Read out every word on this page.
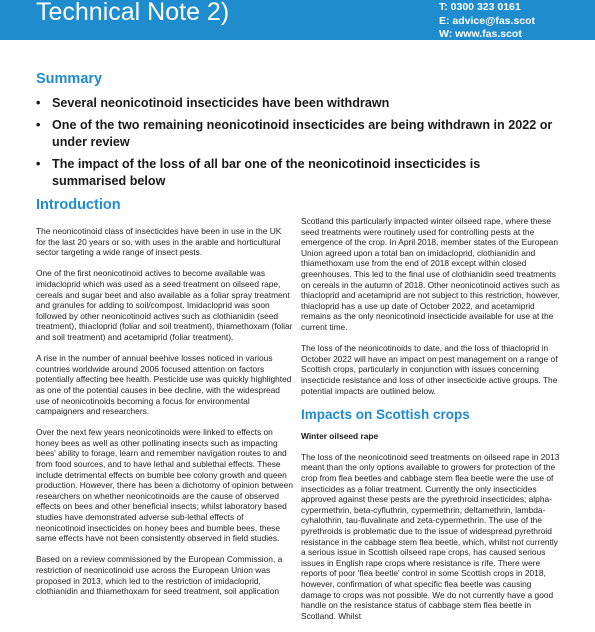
Technical Note 2)	T: 0300 323 0161
E: advice@fas.scot
W: www.fas.scot
Summary
• Several neonicotinoid insecticides have been withdrawn
• One of the two remaining neonicotinoid insecticides are being withdrawn in 2022 or under review
• The impact of the loss of all bar one of the neonicotinoid insecticides is summarised below
Introduction

The neonicotinoid class of insecticides have been in use in the UK for the last 20 years or so, with uses in the arable and horticultural sector targeting a wide range of insect pests.

One of the first neonicotinoid actives to become available was imidacloprid which was used as a seed treatment on oilseed rape, cereals and sugar beet and also available as a foliar spray treatment and granules for adding to soil/compost. Imidacloprid was soon followed by other neonicotinoid actives such as clothianidin (seed treatment), thiacloprid (foliar and soil treatment), thiamethoxam (foliar and soil treatment) and acetamiprid (foliar treatment).

A rise in the number of annual beehive losses noticed in various countries worldwide around 2006 focused attention on factors potentially affecting bee health. Pesticide use was quickly highlighted as one of the potential causes in bee decline, with the widespread use of neonicotinoids becoming a focus for environmental campaigners and researchers.

Over the next few years neonicotinoids were linked to effects on honey bees as well as other pollinating insects such as impacting bees' ability to forage, learn and remember navigation routes to and from food sources, and to have lethal and sublethal effects. These include detrimental effects on bumble bee colony growth and queen production. However, there has been a dichotomy of opinion between researchers on whether neonicotinoids are the cause of observed effects on bees and other beneficial insects; whilst laboratory based studies have demonstrated adverse sub-lethal effects of neonicotinoid insecticides on honey bees and bumble bees, these same effects have not been consistently observed in field studies.

Based on a review commissioned by the European Commission, a restriction of neonicotinoid use across the European Union was proposed in 2013, which led to the restriction of imidacloprid, clothianidin and thiamethoxam for seed treatment, soil application

Scotland this particularly impacted winter oilseed rape, where these seed treatments were routinely used for controlling pests at the emergence of the crop. In April 2018, member states of the European Union agreed upon a total ban on imidacloprid, clothianidin and thiamethoxam use from the end of 2018 except within closed greenhouses. This led to the final use of clothianidin seed treatments on cereals in the autumn of 2018. Other neonicotinoid actives such as thiacloprid and acetamiprid are not subject to this restriction, however, thiacloprid has a use up date of October 2022, and acetamiprid remains as the only neonicotinoid insecticide available for use at the current time.

The loss of the neonicotinoids to date, and the loss of thiacloprid in October 2022 will have an impact on pest management on a range of Scottish crops, particularly in conjunction with issues concerning insecticide resistance and loss of other insecticide active groups. The potential impacts are outlined below.

Impacts on Scottish crops

Winter oilseed rape

The loss of the neonicotinoid seed treatments on oilseed rape in 2013 meant than the only options available to growers for protection of the crop from flea beetles and cabbage stem flea beetle were the use of insecticides as a foliar treatment. Currently the only insecticides approved against these pests are the pyrethroid insecticides; alpha-cypermethrin, beta-cyfluthrin, cypermethrin, deltamethrin, lambda-cyhalothrin, tau-fluvalinate and zeta-cypermethrin. The use of the pyrethroids is problematic due to the issue of widespread pyrethroid resistance in the cabbage stem flea beetle, which, whilst not currently a serious issue in Scottish oilseed rape crops, has caused serious issues in English rape crops where resistance is rife. There were reports of poor 'flea beetle' control in some Scottish crops in 2018, however, confirmation of what specific flea beetle was causing damage to crops was not possible. We do not currently have a good handle on the resistance status of cabbage stem flea beetle in Scotland. Whilst
